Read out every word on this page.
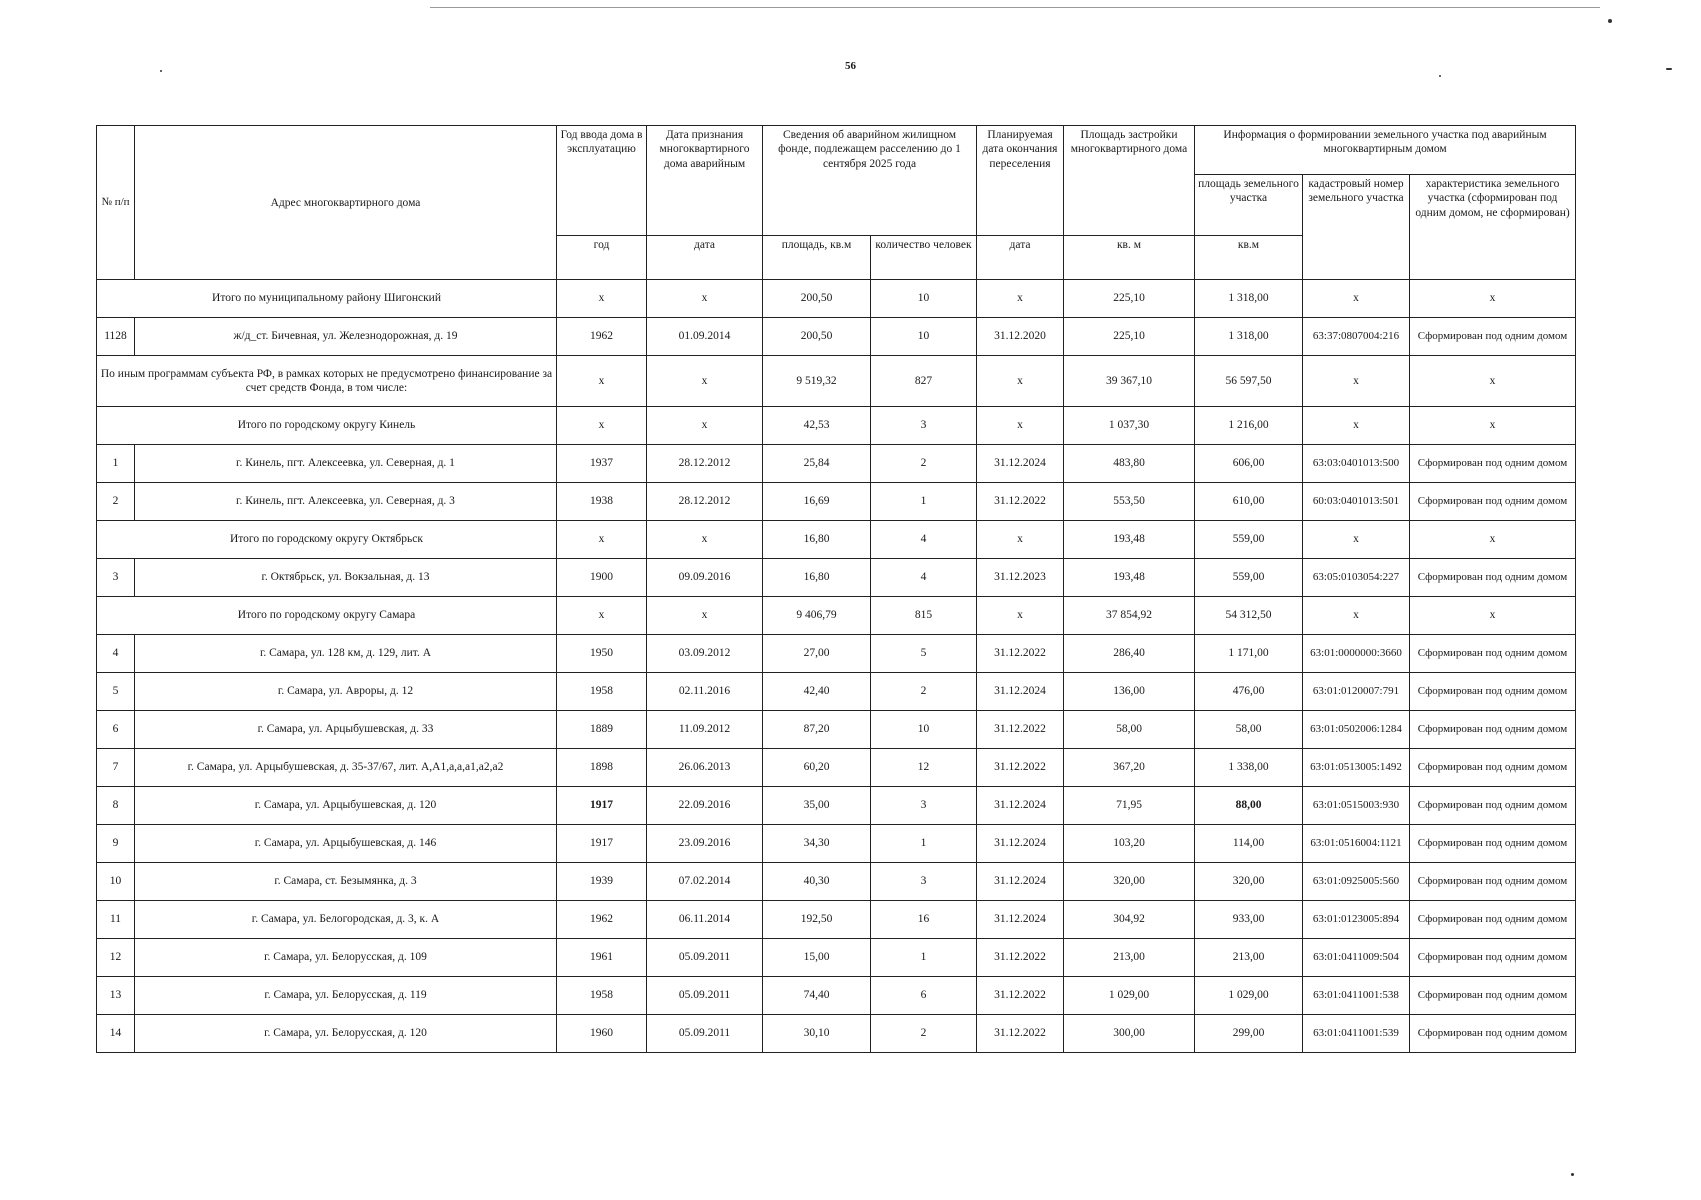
56
№ п/п	Адрес многоквартирного дома	Год ввода дома в эксплуатацию	Дата признания многоквартирного дома аварийным	Сведения об аварийном жилищном фонде, подлежащем расселению до 1 сентября 2025 года		Планируемая дата окончания переселения	Площадь застройки многоквартирного дома	Информация о формировании земельного участка под аварийным многоквартирным домом		
								площадь земельного участка	кадастровый номер земельного участка	характеристика земельного участка (сформирован под одним домом, не сформирован)
		год	дата	площадь, кв.м	количество человек	дата	кв. м	кв.м		
Итого по муниципальному району Шигонский		x	x	200,50	10	x	225,10	1 318,00	x	x
1128	ж/д_ст. Бичевная, ул. Железнодорожная, д. 19	1962	01.09.2014	200,50	10	31.12.2020	225,10	1 318,00	63:37:0807004:216	Сформирован под одним домом
По иным программам субъекта РФ, в рамках которых не предусмотрено финансирование за счет средств Фонда, в том числе:		x	x	9 519,32	827	x	39 367,10	56 597,50	x	x
Итого по городскому округу Кинель		x	x	42,53	3	x	1 037,30	1 216,00	x	x
1	г. Кинель, пгт. Алексеевка, ул. Северная, д. 1	1937	28.12.2012	25,84	2	31.12.2024	483,80	606,00	63:03:0401013:500	Сформирован под одним домом
2	г. Кинель, пгт. Алексеевка, ул. Северная, д. 3	1938	28.12.2012	16,69	1	31.12.2022	553,50	610,00	60:03:0401013:501	Сформирован под одним домом
Итого по городскому округу Октябрьск		x	x	16,80	4	x	193,48	559,00	x	x
3	г. Октябрьск, ул. Вокзальная, д. 13	1900	09.09.2016	16,80	4	31.12.2023	193,48	559,00	63:05:0103054:227	Сформирован под одним домом
Итого по городскому округу Самара		x	x	9 406,79	815	x	37 854,92	54 312,50	x	x
4	г. Самара, ул. 128 км, д. 129, лит. А	1950	03.09.2012	27,00	5	31.12.2022	286,40	1 171,00	63:01:0000000:3660	Сформирован под одним домом
5	г. Самара, ул. Авроры, д. 12	1958	02.11.2016	42,40	2	31.12.2024	136,00	476,00	63:01:0120007:791	Сформирован под одним домом
6	г. Самара, ул. Арцыбушевская, д. 33	1889	11.09.2012	87,20	10	31.12.2022	58,00	58,00	63:01:0502006:1284	Сформирован под одним домом
7	г. Самара, ул. Арцыбушевская, д. 35-37/67, лит. А,А1,а,а,а1,а2,а2	1898	26.06.2013	60,20	12	31.12.2022	367,20	1 338,00	63:01:0513005:1492	Сформирован под одним домом
8	г. Самара, ул. Арцыбушевская, д. 120	1917	22.09.2016	35,00	3	31.12.2024	71,95	88,00	63:01:0515003:930	Сформирован под одним домом
9	г. Самара, ул. Арцыбушевская, д. 146	1917	23.09.2016	34,30	1	31.12.2024	103,20	114,00	63:01:0516004:1121	Сформирован под одним домом
10	г. Самара, ст. Безымянка, д. 3	1939	07.02.2014	40,30	3	31.12.2024	320,00	320,00	63:01:0925005:560	Сформирован под одним домом
11	г. Самара, ул. Белогородская, д. 3, к. А	1962	06.11.2014	192,50	16	31.12.2024	304,92	933,00	63:01:0123005:894	Сформирован под одним домом
12	г. Самара, ул. Белорусская, д. 109	1961	05.09.2011	15,00	1	31.12.2022	213,00	213,00	63:01:0411009:504	Сформирован под одним домом
13	г. Самара, ул. Белорусская, д. 119	1958	05.09.2011	74,40	6	31.12.2022	1 029,00	1 029,00	63:01:0411001:538	Сформирован под одним домом
14	г. Самара, ул. Белорусская, д. 120	1960	05.09.2011	30,10	2	31.12.2022	300,00	299,00	63:01:0411001:539	Сформирован под одним домом
